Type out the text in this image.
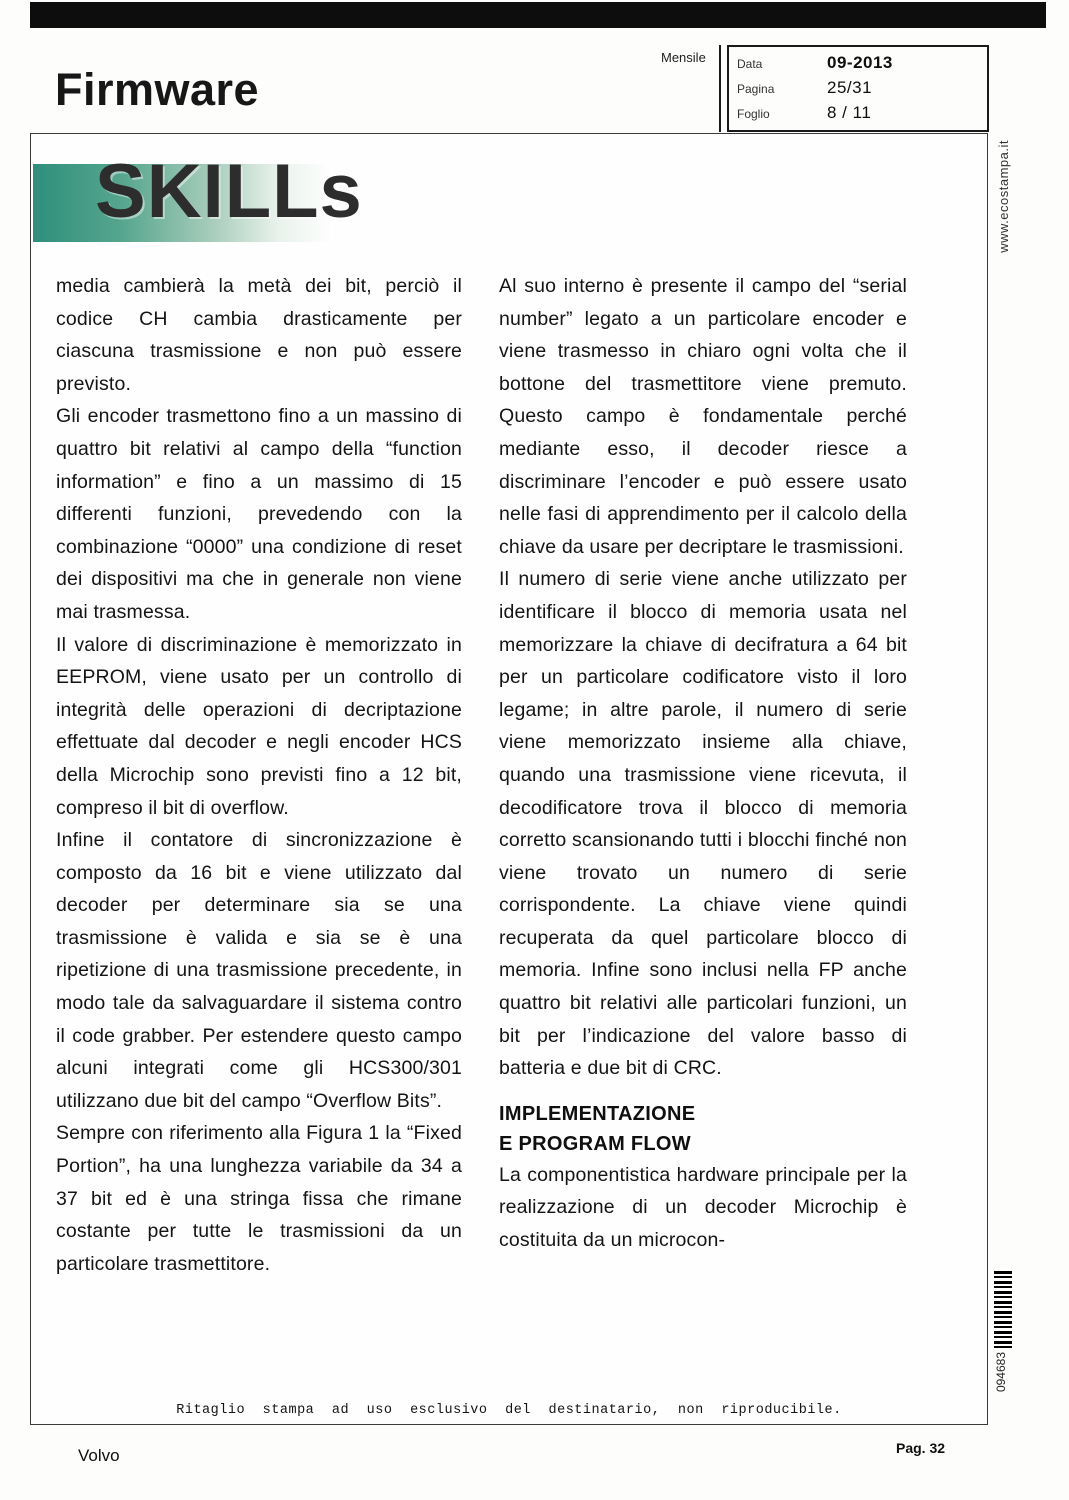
Firmware
Mensile	Data	09-2013
Pagina	25/31
Foglio	8 / 11
www.ecostampa.it
SKILLs

media cambierà la metà dei bit, perciò il codice CH cambia drasticamente per ciascuna trasmissione e non può essere previsto.

Gli encoder trasmettono fino a un massino di quattro bit relativi al campo della “function information” e fino a un massimo di 15 differenti funzioni, prevedendo con la combinazione “0000” una condizione di reset dei dispositivi ma che in generale non viene mai trasmessa.

Il valore di discriminazione è memorizzato in EEPROM, viene usato per un controllo di integrità delle operazioni di decriptazione effettuate dal decoder e negli encoder HCS della Microchip sono previsti fino a 12 bit, compreso il bit di overflow.

Infine il contatore di sincronizzazione è composto da 16 bit e viene utilizzato dal decoder per determinare sia se una trasmissione è valida e sia se è una ripetizione di una trasmissione precedente, in modo tale da salvaguardare il sistema contro il code grabber. Per estendere questo campo alcuni integrati come gli HCS300/301 utilizzano due bit del campo “Overflow Bits”.

Sempre con riferimento alla Figura 1 la “Fixed Portion”, ha una lunghezza variabile da 34 a 37 bit ed è una stringa fissa che rimane costante per tutte le trasmissioni da un particolare trasmettitore.

Al suo interno è presente il campo del “serial number” legato a un particolare encoder e viene trasmesso in chiaro ogni volta che il bottone del trasmettitore viene premuto. Questo campo è fondamentale perché mediante esso, il decoder riesce a discriminare l’encoder e può essere usato nelle fasi di apprendimento per il calcolo della chiave da usare per decriptare le trasmissioni.

Il numero di serie viene anche utilizzato per identificare il blocco di memoria usata nel memorizzare la chiave di decifratura a 64 bit per un particolare codificatore visto il loro legame; in altre parole, il numero di serie viene memorizzato insieme alla chiave, quando una trasmissione viene ricevuta, il decodificatore trova il blocco di memoria corretto scansionando tutti i blocchi finché non viene trovato un numero di serie corrispondente. La chiave viene quindi recuperata da quel particolare blocco di memoria. Infine sono inclusi nella FP anche quattro bit relativi alle particolari funzioni, un bit per l’indicazione del valore basso di batteria e due bit di CRC.

IMPLEMENTAZIONE
E PROGRAM FLOW

La componentistica hardware principale per la realizzazione di un decoder Microchip è costituita da un microcon-

Ritaglio stampa ad uso esclusivo del destinatario, non riproducibile.
094683
Volvo	Pag. 32
